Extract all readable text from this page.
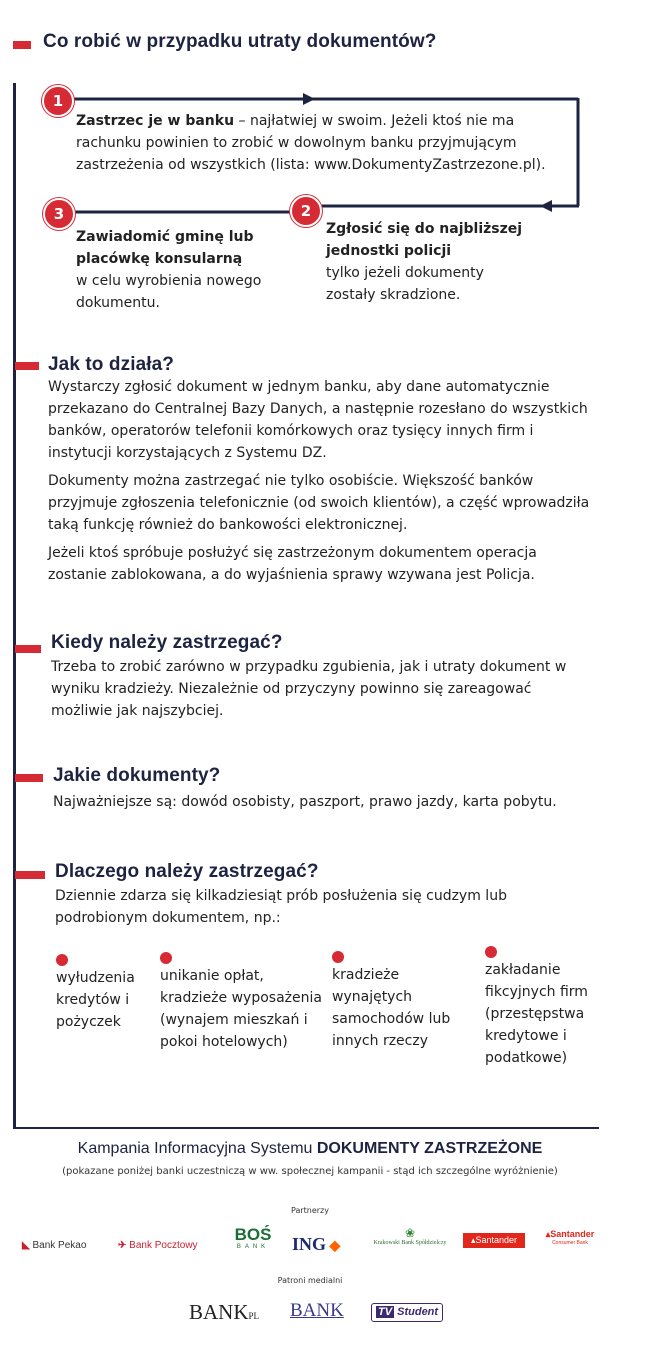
Co robić w przypadku utraty dokumentów?
1
2
3
Zastrzec je w banku – najłatwiej w swoim. Jeżeli ktoś nie ma rachunku powinien to zrobić w dowolnym banku przyjmującym zastrzeżenia od wszystkich (lista: www.DokumentyZastrzezone.pl).
Zawiadomić gminę lub placówkę konsularną
w celu wyrobienia nowego dokumentu.
Zgłosić się do najbliższej jednostki policji
tylko jeżeli dokumenty zostały skradzione.
Jak to działa?
Wystarczy zgłosić dokument w jednym banku, aby dane automatycznie przekazano do Centralnej Bazy Danych, a następnie rozesłano do wszystkich banków, operatorów telefonii komórkowych oraz tysięcy innych firm i instytucji korzystających z Systemu DZ.
Dokumenty można zastrzegać nie tylko osobiście. Większość banków przyjmuje zgłoszenia telefonicznie (od swoich klientów), a część wprowadziła taką funkcję również do bankowości elektronicznej.
Jeżeli ktoś spróbuje posłużyć się zastrzeżonym dokumentem operacja zostanie zablokowana, a do wyjaśnienia sprawy wzywana jest Policja.
Kiedy należy zastrzegać?
Trzeba to zrobić zarówno w przypadku zgubienia, jak i utraty dokument w wyniku kradzieży. Niezależnie od przyczyny powinno się zareagować możliwie jak najszybciej.
Jakie dokumenty?
Najważniejsze są: dowód osobisty, paszport, prawo jazdy, karta pobytu.
Dlaczego należy zastrzegać?
Dziennie zdarza się kilkadziesiąt prób posłużenia się cudzym lub podrobionym dokumentem, np.:
wyłudzenia kredytów i pożyczek
unikanie opłat, kradzieże wyposażenia (wynajem mieszkań i pokoi hotelowych)
kradzieże wynajętych samochodów lub innych rzeczy
zakładanie fikcyjnych firm (przestępstwa kredytowe i podatkowe)
Kampania Informacyjna Systemu DOKUMENTY ZASTRZEŻONE
(pokazane poniżej banki uczestniczą w ww. społecznej kampanii - stąd ich szczególne wyróżnienie)
Partnerzy
◣ Bank Pekao	✈ Bank Pocztowy
BOŚ
BANK ING ◆
❀
Krakowski Bank Spółdzielczy	▴Santander
▴Santander
Consumer Bank
Patroni medialni
BANKPL BANK	TV Student
